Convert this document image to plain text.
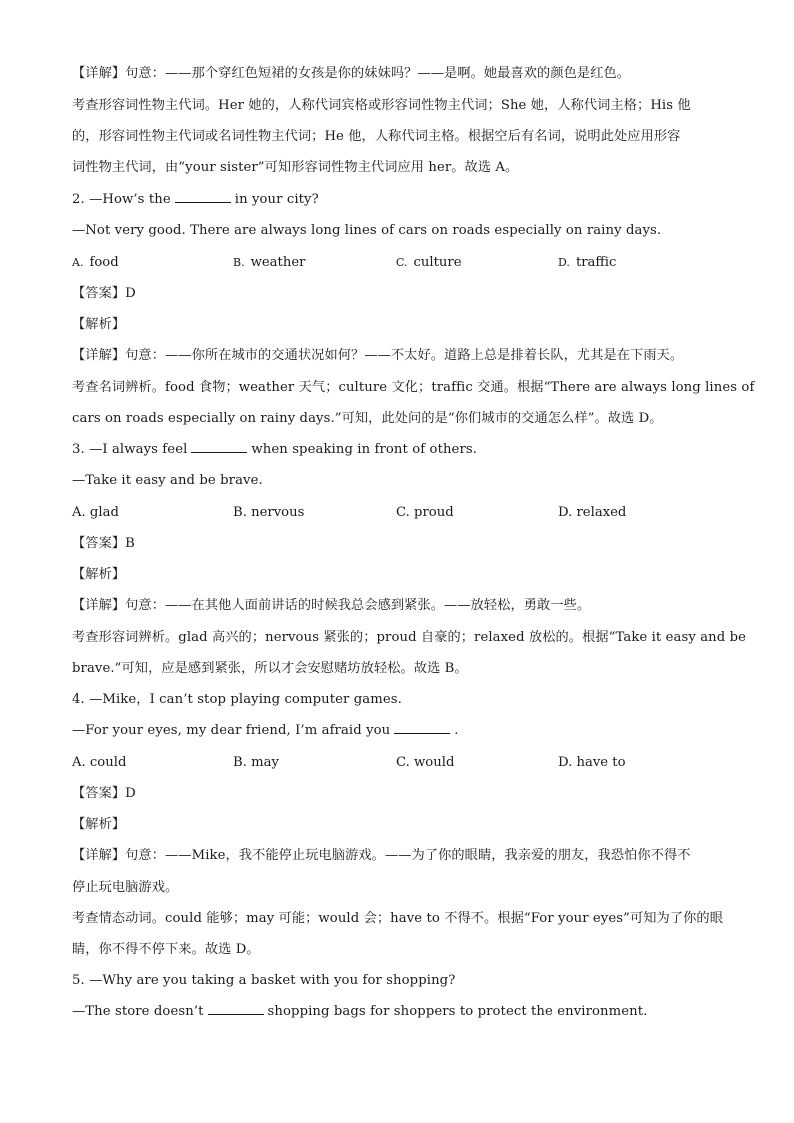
【详解】句意：——那个穿红色短裙的女孩是你的妹妹吗？——是啊。她最喜欢的颜色是红色。
考查形容词性物主代词。Her 她的，人称代词宾格或形容词性物主代词；She 她，人称代词主格；His 他
的，形容词性物主代词或名词性物主代词；He 他，人称代词主格。根据空后有名词，说明此处应用形容
词性物主代词，由“your sister”可知形容词性物主代词应用 her。故选 A。
2. —How’s the	in your city?
—Not very good. There are always long lines of cars on roads especially on rainy days.
A. food	B. weather	C. culture	D. traffic
【答案】D
【解析】
【详解】句意：——你所在城市的交通状况如何？——不太好。道路上总是排着长队，尤其是在下雨天。
考查名词辨析。food 食物；weather 天气；culture 文化；traffic 交通。根据“There are always long lines of
cars on roads especially on rainy days.”可知，此处问的是“你们城市的交通怎么样”。故选 D。
3. —I always feel	when speaking in front of others.
—Take it easy and be brave.
A. glad	B. nervous	C. proud	D. relaxed
【答案】B
【解析】
【详解】句意：——在其他人面前讲话的时候我总会感到紧张。——放轻松，勇敢一些。
考查形容词辨析。glad 高兴的；nervous 紧张的；proud 自豪的；relaxed 放松的。根据“Take it easy and be
brave.”可知，应是感到紧张，所以才会安慰赌坊放轻松。故选 B。
4. —Mike，I can’t stop playing computer games.
—For your eyes, my dear friend, I’m afraid you	.
A. could	B. may	C. would	D. have to
【答案】D
【解析】
【详解】句意：——Mike，我不能停止玩电脑游戏。——为了你的眼睛，我亲爱的朋友，我恐怕你不得不
停止玩电脑游戏。
考查情态动词。could 能够；may 可能；would 会；have to 不得不。根据“For your eyes”可知为了你的眼
睛，你不得不停下来。故选 D。
5. —Why are you taking a basket with you for shopping?
—The store doesn’t	shopping bags for shoppers to protect the environment.
